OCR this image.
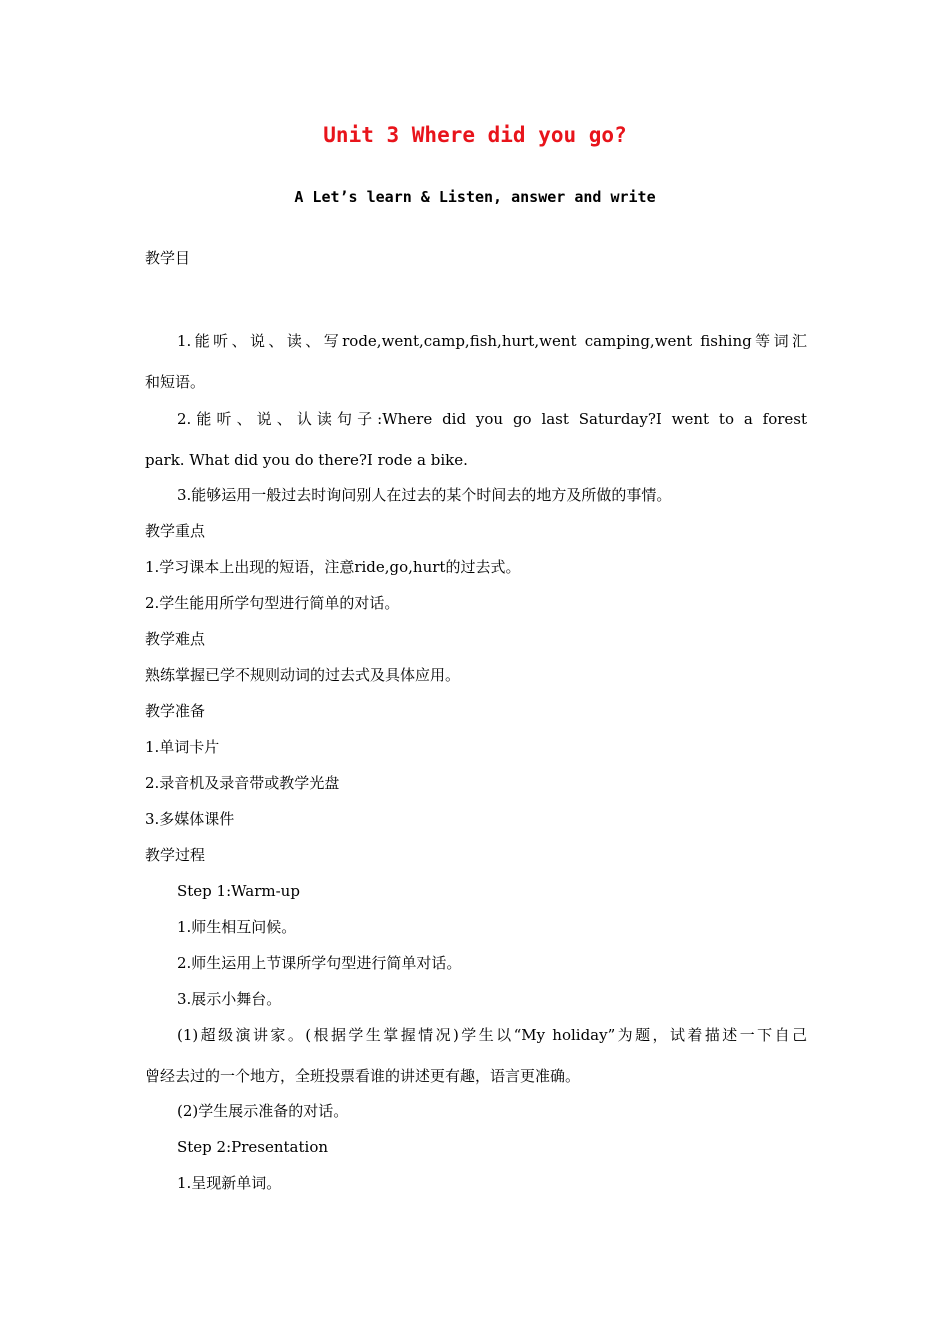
Unit 3 Where did you go?
A Let’s learn & Listen, answer and write
教学目
1.能听、说、读、写rode,went,camp,fish,hurt,went camping,went fishing等词汇
和短语。
2.能听、说、认读句子:Where did you go last Saturday?I went to a forest
park. What did you do there?I rode a bike.
3.能够运用一般过去时询问别人在过去的某个时间去的地方及所做的事情。
教学重点
1.学习课本上出现的短语，注意ride,go,hurt的过去式。
2.学生能用所学句型进行简单的对话。
教学难点
熟练掌握已学不规则动词的过去式及具体应用。
教学准备
1.单词卡片
2.录音机及录音带或教学光盘
3.多媒体课件
教学过程
Step 1:Warm-up
1.师生相互问候。
2.师生运用上节课所学句型进行简单对话。
3.展示小舞台。
(1)超级演讲家。(根据学生掌握情况)学生以“My holiday”为题，试着描述一下自己
曾经去过的一个地方，全班投票看谁的讲述更有趣，语言更准确。
(2)学生展示准备的对话。
Step 2:Presentation
1.呈现新单词。
